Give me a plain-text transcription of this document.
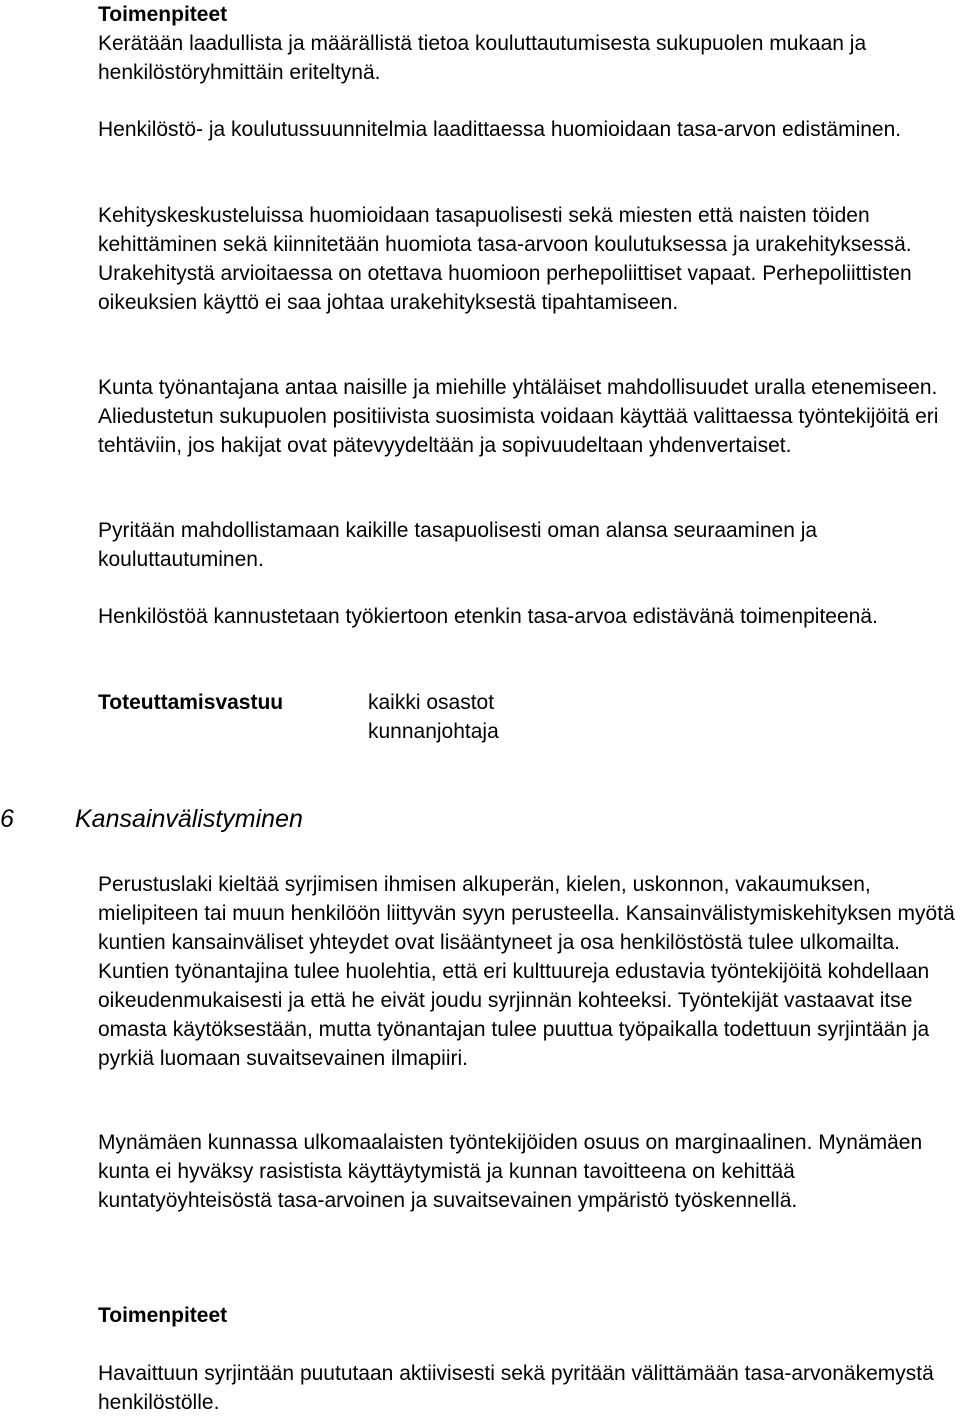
Toimenpiteet

Kerätään laadullista ja määrällistä tietoa kouluttautumisesta sukupuolen mukaan ja henkilöstöryhmittäin eriteltynä.

Henkilöstö- ja koulutussuunnitelmia laadittaessa huomioidaan tasa-arvon edistäminen.

Kehityskeskusteluissa huomioidaan tasapuolisesti sekä miesten että naisten töiden kehittäminen sekä kiinnitetään huomiota tasa-arvoon koulutuksessa ja urakehityksessä. Urakehitystä arvioitaessa on otettava huomioon perhepoliittiset vapaat. Perhepoliittisten oikeuksien käyttö ei saa johtaa urakehityksestä tipahtamiseen.

Kunta työnantajana antaa naisille ja miehille yhtäläiset mahdollisuudet uralla etenemiseen. Aliedustetun sukupuolen positiivista suosimista voidaan käyttää valittaessa työntekijöitä eri tehtäviin, jos hakijat ovat pätevyydeltään ja sopivuudeltaan yhdenvertaiset.

Pyritään mahdollistamaan kaikille tasapuolisesti oman alansa seuraaminen ja kouluttautuminen.

Henkilöstöä kannustetaan työkiertoon etenkin tasa-arvoa edistävänä toimenpiteenä.

Toteuttamisvastuu	kaikki osastot
kunnanjohtaja
6 Kansainvälistyminen

Perustuslaki kieltää syrjimisen ihmisen alkuperän, kielen, uskonnon, vakaumuksen, mielipiteen tai muun henkilöön liittyvän syyn perusteella. Kansainvälistymiskehityksen myötä kuntien kansainväliset yhteydet ovat lisääntyneet ja osa henkilöstöstä tulee ulkomailta. Kuntien työnantajina tulee huolehtia, että eri kulttuureja edustavia työntekijöitä kohdellaan oikeudenmukaisesti ja että he eivät joudu syrjinnän kohteeksi. Työntekijät vastaavat itse omasta käytöksestään, mutta työnantajan tulee puuttua työpaikalla todettuun syrjintään ja pyrkiä luomaan suvaitsevainen ilmapiiri.

Mynämäen kunnassa ulkomaalaisten työntekijöiden osuus on marginaalinen. Mynämäen kunta ei hyväksy rasistista käyttäytymistä ja kunnan tavoitteena on kehittää kuntatyöyhteisöstä tasa-arvoinen ja suvaitsevainen ympäristö työskennellä.

Toimenpiteet

Havaittuun syrjintään puututaan aktiivisesti sekä pyritään välittämään tasa-arvonäkemystä henkilöstölle.
